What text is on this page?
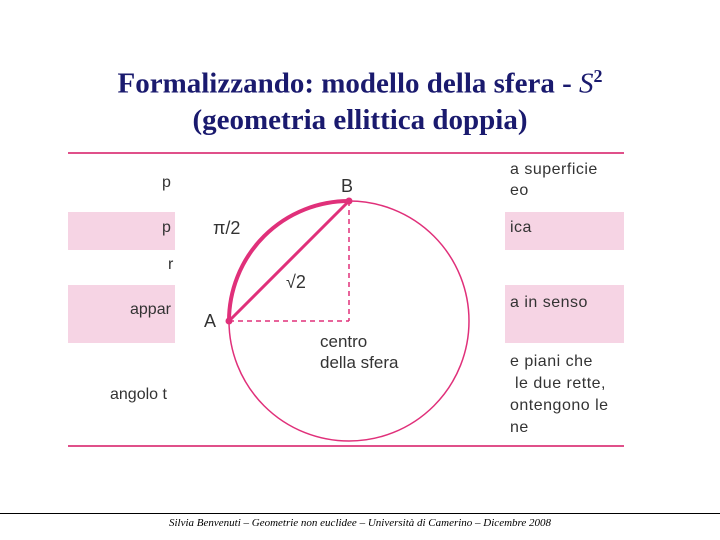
Formalizzando: modello della sfera - $S^2$
(geometria ellittica doppia)
p
p
r
appar
angolo t
a superficie
eo
ica
a in senso
e piani che
le due rette,
ontengono le
ne
B
A
π/2
√2
centro
della sfera
Silvia Benvenuti – Geometrie non euclidee – Università di Camerino – Dicembre 2008
